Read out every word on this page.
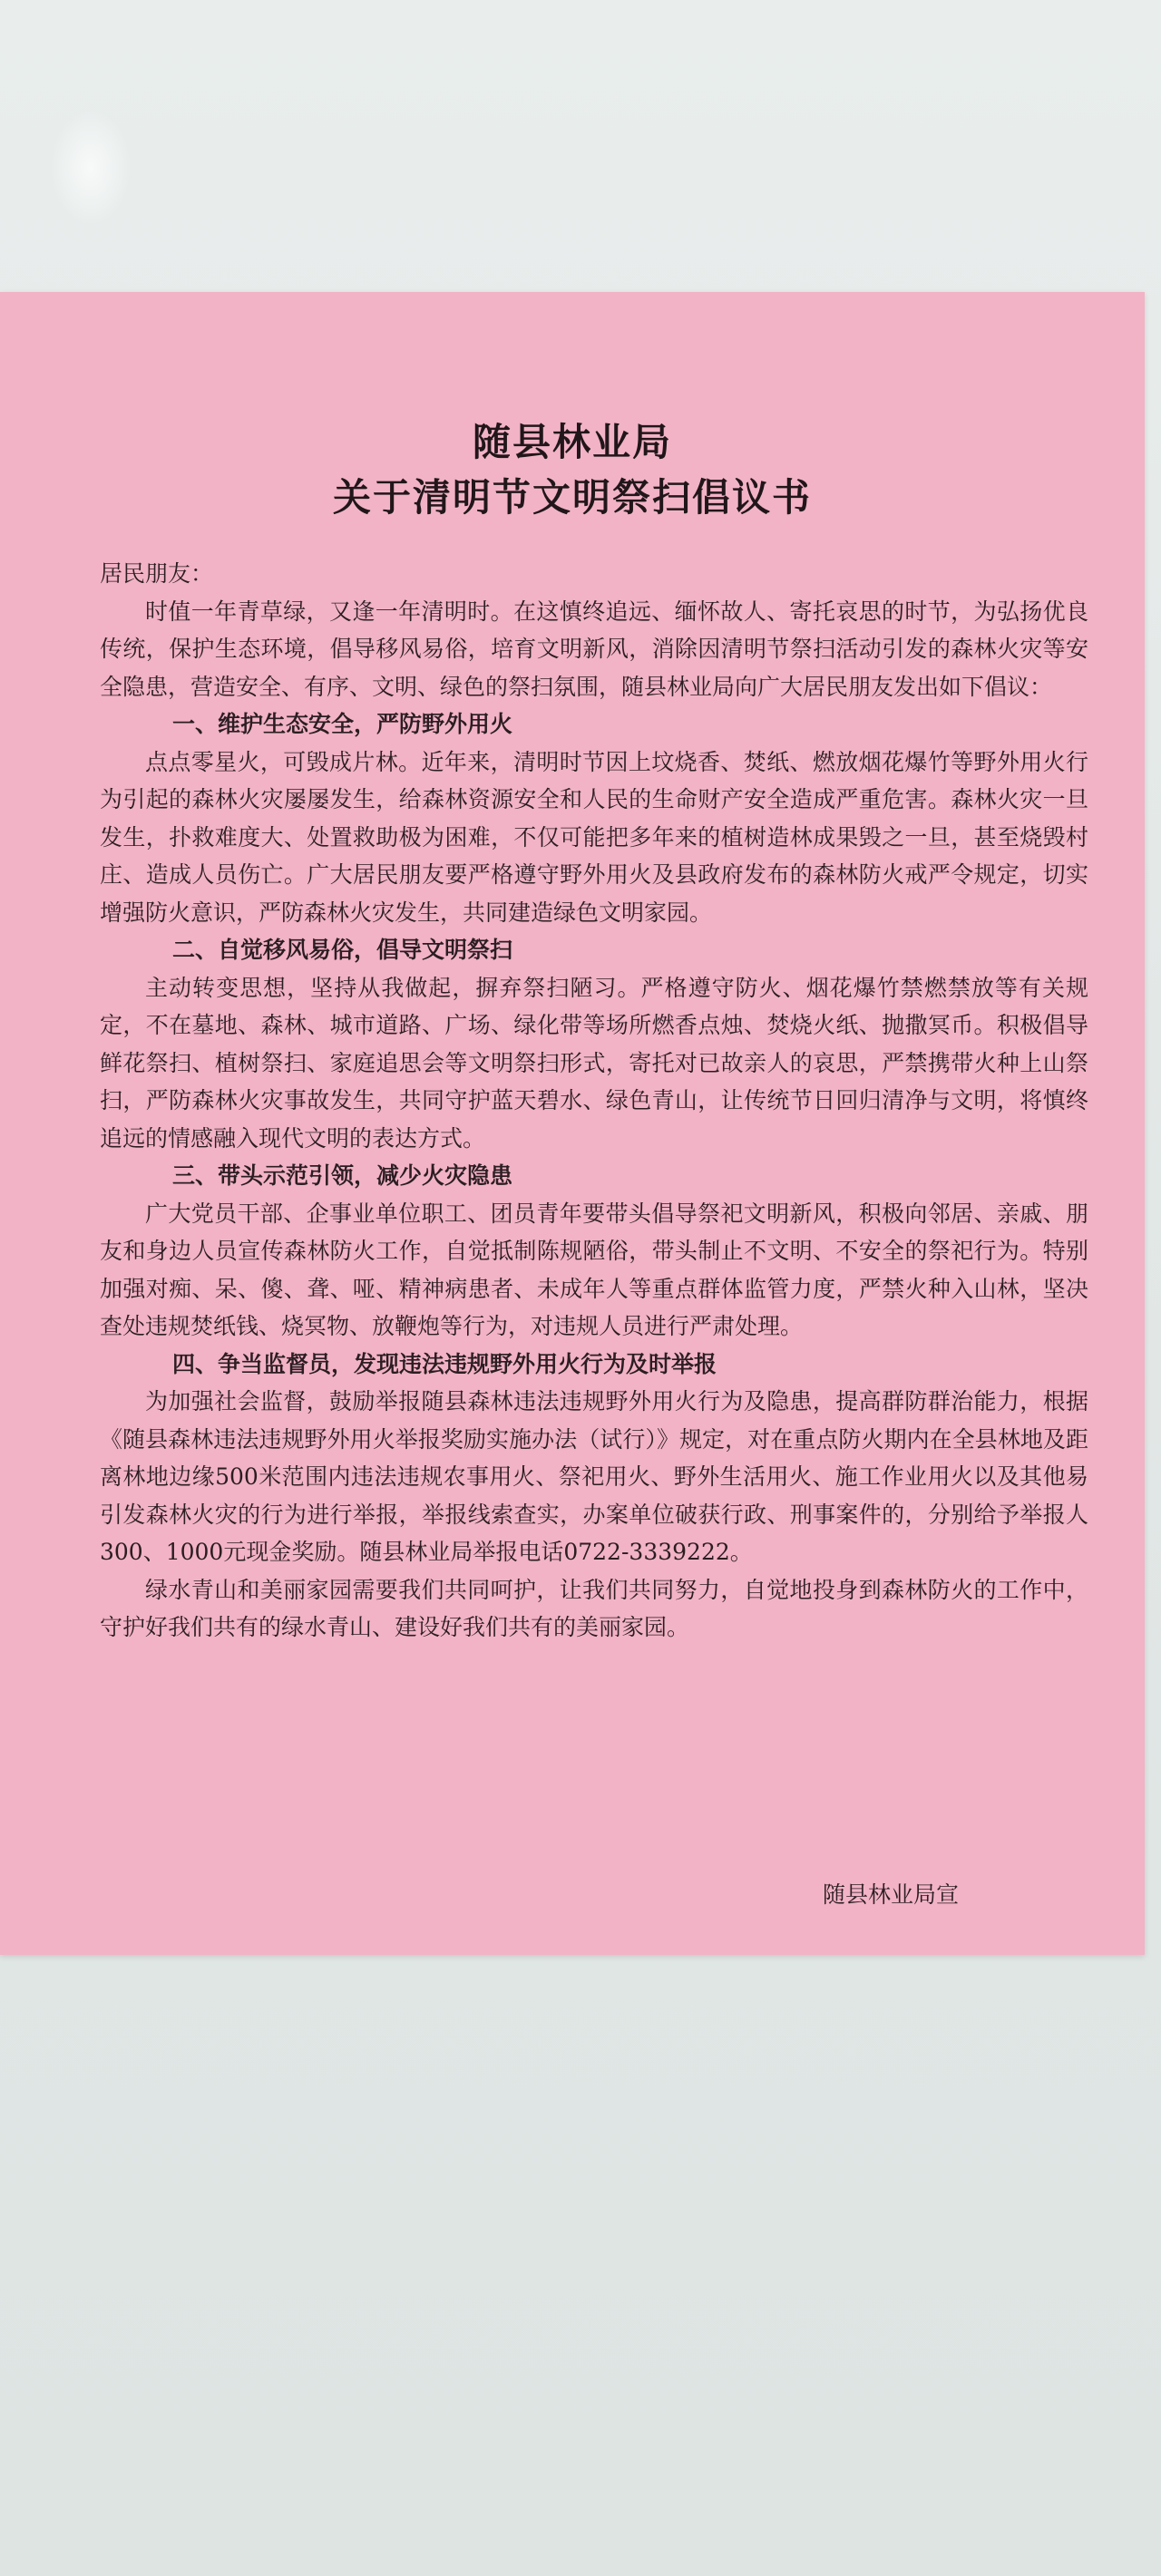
随县林业局
关于清明节文明祭扫倡议书

居民朋友：

时值一年青草绿，又逢一年清明时。在这慎终追远、缅怀故人、寄托哀思的时节，为弘扬优良传统，保护生态环境，倡导移风易俗，培育文明新风，消除因清明节祭扫活动引发的森林火灾等安全隐患，营造安全、有序、文明、绿色的祭扫氛围，随县林业局向广大居民朋友发出如下倡议：

一、维护生态安全，严防野外用火

点点零星火，可毁成片林。近年来，清明时节因上坟烧香、焚纸、燃放烟花爆竹等野外用火行为引起的森林火灾屡屡发生，给森林资源安全和人民的生命财产安全造成严重危害。森林火灾一旦发生，扑救难度大、处置救助极为困难，不仅可能把多年来的植树造林成果毁之一旦，甚至烧毁村庄、造成人员伤亡。广大居民朋友要严格遵守野外用火及县政府发布的森林防火戒严令规定，切实增强防火意识，严防森林火灾发生，共同建造绿色文明家园。

二、自觉移风易俗，倡导文明祭扫

主动转变思想，坚持从我做起，摒弃祭扫陋习。严格遵守防火、烟花爆竹禁燃禁放等有关规定，不在墓地、森林、城市道路、广场、绿化带等场所燃香点烛、焚烧火纸、抛撒冥币。积极倡导鲜花祭扫、植树祭扫、家庭追思会等文明祭扫形式，寄托对已故亲人的哀思，严禁携带火种上山祭扫，严防森林火灾事故发生，共同守护蓝天碧水、绿色青山，让传统节日回归清净与文明，将慎终追远的情感融入现代文明的表达方式。

三、带头示范引领，减少火灾隐患

广大党员干部、企事业单位职工、团员青年要带头倡导祭祀文明新风，积极向邻居、亲戚、朋友和身边人员宣传森林防火工作，自觉抵制陈规陋俗，带头制止不文明、不安全的祭祀行为。特别加强对痴、呆、傻、聋、哑、精神病患者、未成年人等重点群体监管力度，严禁火种入山林，坚决查处违规焚纸钱、烧冥物、放鞭炮等行为，对违规人员进行严肃处理。

四、争当监督员，发现违法违规野外用火行为及时举报

为加强社会监督，鼓励举报随县森林违法违规野外用火行为及隐患，提高群防群治能力，根据《随县森林违法违规野外用火举报奖励实施办法（试行）》规定，对在重点防火期内在全县林地及距离林地边缘500米范围内违法违规农事用火、祭祀用火、野外生活用火、施工作业用火以及其他易引发森林火灾的行为进行举报，举报线索查实，办案单位破获行政、刑事案件的，分别给予举报人300、1000元现金奖励。随县林业局举报电话0722-3339222。

绿水青山和美丽家园需要我们共同呵护，让我们共同努力，自觉地投身到森林防火的工作中，守护好我们共有的绿水青山、建设好我们共有的美丽家园。

随县林业局宣
